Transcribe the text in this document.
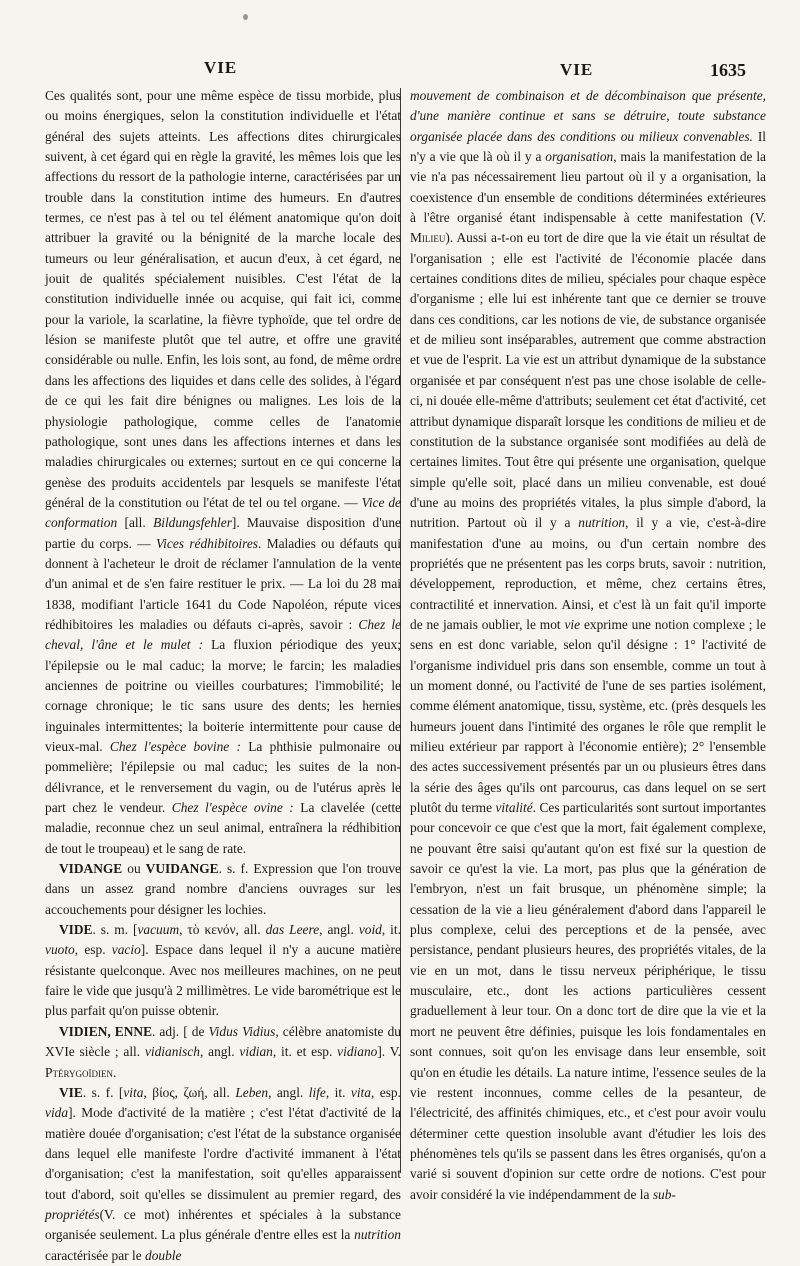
VIE	VIE	1635

Ces qualités sont, pour une même espèce de tissu morbide, plus ou moins énergiques, selon la constitution individuelle et l'état général des sujets atteints. Les affections dites chirurgicales suivent, à cet égard qui en règle la gravité, les mêmes lois que les affections du ressort de la pathologie interne, caractérisées par un trouble dans la constitution intime des humeurs. En d'autres termes, ce n'est pas à tel ou tel élément anatomique qu'on doit attribuer la gravité ou la bénignité de la marche locale des tumeurs ou leur généralisation, et aucun d'eux, à cet égard, ne jouit de qualités spécialement nuisibles. C'est l'état de la constitution individuelle innée ou acquise, qui fait ici, comme pour la variole, la scarlatine, la fièvre typhoïde, que tel ordre de lésion se manifeste plutôt que tel autre, et offre une gravité considérable ou nulle. Enfin, les lois sont, au fond, de même ordre dans les affections des liquides et dans celle des solides, à l'égard de ce qui les fait dire bénignes ou malignes. Les lois de la physiologie pathologique, comme celles de l'anatomie pathologique, sont unes dans les affections internes et dans les maladies chirurgicales ou externes; surtout en ce qui concerne la genèse des produits accidentels par lesquels se manifeste l'état général de la constitution ou l'état de tel ou tel organe. — Vice de conformation [all. Bildungsfehler]. Mauvaise disposition d'une partie du corps. — Vices rédhibitoires. Maladies ou défauts qui donnent à l'acheteur le droit de réclamer l'annulation de la vente d'un animal et de s'en faire restituer le prix. — La loi du 28 mai 1838, modifiant l'article 1641 du Code Napoléon, répute vices rédhibitoires les maladies ou défauts ci-après, savoir : Chez le cheval, l'âne et le mulet : La fluxion périodique des yeux; l'épilepsie ou le mal caduc; la morve; le farcin; les maladies anciennes de poitrine ou vieilles courbatures; l'immobilité; le cornage chronique; le tic sans usure des dents; les hernies inguinales intermittentes; la boiterie intermittente pour cause de vieux-mal. Chez l'espèce bovine : La phthisie pulmonaire ou pommelière; l'épilepsie ou mal caduc; les suites de la non-délivrance, et le renversement du vagin, ou de l'utérus après le part chez le vendeur. Chez l'espèce ovine : La clavelée (cette maladie, reconnue chez un seul animal, entraînera la rédhibition de tout le troupeau) et le sang de rate.

VIDANGE ou VUIDANGE. s. f. Expression que l'on trouve dans un assez grand nombre d'anciens ouvrages sur les accouchements pour désigner les lochies.

VIDE. s. m. [vacuum, τὸ κενόν, all. das Leere, angl. void, it. vuoto, esp. vacio]. Espace dans lequel il n'y a aucune matière résistante quelconque. Avec nos meilleures machines, on ne peut faire le vide que jusqu'à 2 millimètres. Le vide barométrique est le plus parfait qu'on puisse obtenir.

VIDIEN, ENNE. adj. [ de Vidus Vidius, célèbre anatomiste du XVIe siècle ; all. vidianisch, angl. vidian, it. et esp. vidiano]. V. Ptérygoïdien.

VIE. s. f. [vita, βίος, ζωή, all. Leben, angl. life, it. vita, esp. vida]. Mode d'activité de la matière ; c'est l'état d'activité de la matière douée d'organisation; c'est l'état de la substance organisée dans lequel elle manifeste l'ordre d'activité immanent à l'état d'organisation; c'est la manifestation, soit qu'elles apparaissent tout d'abord, soit qu'elles se dissimulent au premier regard, des propriétés(V. ce mot) inhérentes et spéciales à la substance organisée seulement. La plus générale d'entre elles est la nutrition caractérisée par le double

mouvement de combinaison et de décombinaison que présente, d'une manière continue et sans se détruire, toute substance organisée placée dans des conditions ou milieux convenables. Il n'y a vie que là où il y a organisation, mais la manifestation de la vie n'a pas nécessairement lieu partout où il y a organisation, la coexistence d'un ensemble de conditions déterminées extérieures à l'être organisé étant indispensable à cette manifestation (V. Milieu). Aussi a-t-on eu tort de dire que la vie était un résultat de l'organisation ; elle est l'activité de l'économie placée dans certaines conditions dites de milieu, spéciales pour chaque espèce d'organisme ; elle lui est inhérente tant que ce dernier se trouve dans ces conditions, car les notions de vie, de substance organisée et de milieu sont inséparables, autrement que comme abstraction et vue de l'esprit. La vie est un attribut dynamique de la substance organisée et par conséquent n'est pas une chose isolable de celle-ci, ni douée elle-même d'attributs; seulement cet état d'activité, cet attribut dynamique disparaît lorsque les conditions de milieu et de constitution de la substance organisée sont modifiées au delà de certaines limites. Tout être qui présente une organisation, quelque simple qu'elle soit, placé dans un milieu convenable, est doué d'une au moins des propriétés vitales, la plus simple d'abord, la nutrition. Partout où il y a nutrition, il y a vie, c'est-à-dire manifestation d'une au moins, ou d'un certain nombre des propriétés que ne présentent pas les corps bruts, savoir : nutrition, développement, reproduction, et même, chez certains êtres, contractilité et innervation. Ainsi, et c'est là un fait qu'il importe de ne jamais oublier, le mot vie exprime une notion complexe ; le sens en est donc variable, selon qu'il désigne : 1° l'activité de l'organisme individuel pris dans son ensemble, comme un tout à un moment donné, ou l'activité de l'une de ses parties isolément, comme élément anatomique, tissu, système, etc. (près desquels les humeurs jouent dans l'intimité des organes le rôle que remplit le milieu extérieur par rapport à l'économie entière); 2° l'ensemble des actes successivement présentés par un ou plusieurs êtres dans la série des âges qu'ils ont parcourus, cas dans lequel on se sert plutôt du terme vitalité. Ces particularités sont surtout importantes pour concevoir ce que c'est que la mort, fait également complexe, ne pouvant être saisi qu'autant qu'on est fixé sur la question de savoir ce qu'est la vie. La mort, pas plus que la génération de l'embryon, n'est un fait brusque, un phénomène simple; la cessation de la vie a lieu généralement d'abord dans l'appareil le plus complexe, celui des perceptions et de la pensée, avec persistance, pendant plusieurs heures, des propriétés vitales, de la vie en un mot, dans le tissu nerveux périphérique, le tissu musculaire, etc., dont les actions particulières cessent graduellement à leur tour. On a donc tort de dire que la vie et la mort ne peuvent être définies, puisque les lois fondamentales en sont connues, soit qu'on les envisage dans leur ensemble, soit qu'on en étudie les détails. La nature intime, l'essence seules de la vie restent inconnues, comme celles de la pesanteur, de l'électricité, des affinités chimiques, etc., et c'est pour avoir voulu déterminer cette question insoluble avant d'étudier les lois des phénomènes tels qu'ils se passent dans les êtres organisés, qu'on a varié si souvent d'opinion sur cette ordre de notions. C'est pour avoir considéré la vie indépendamment de la sub-
